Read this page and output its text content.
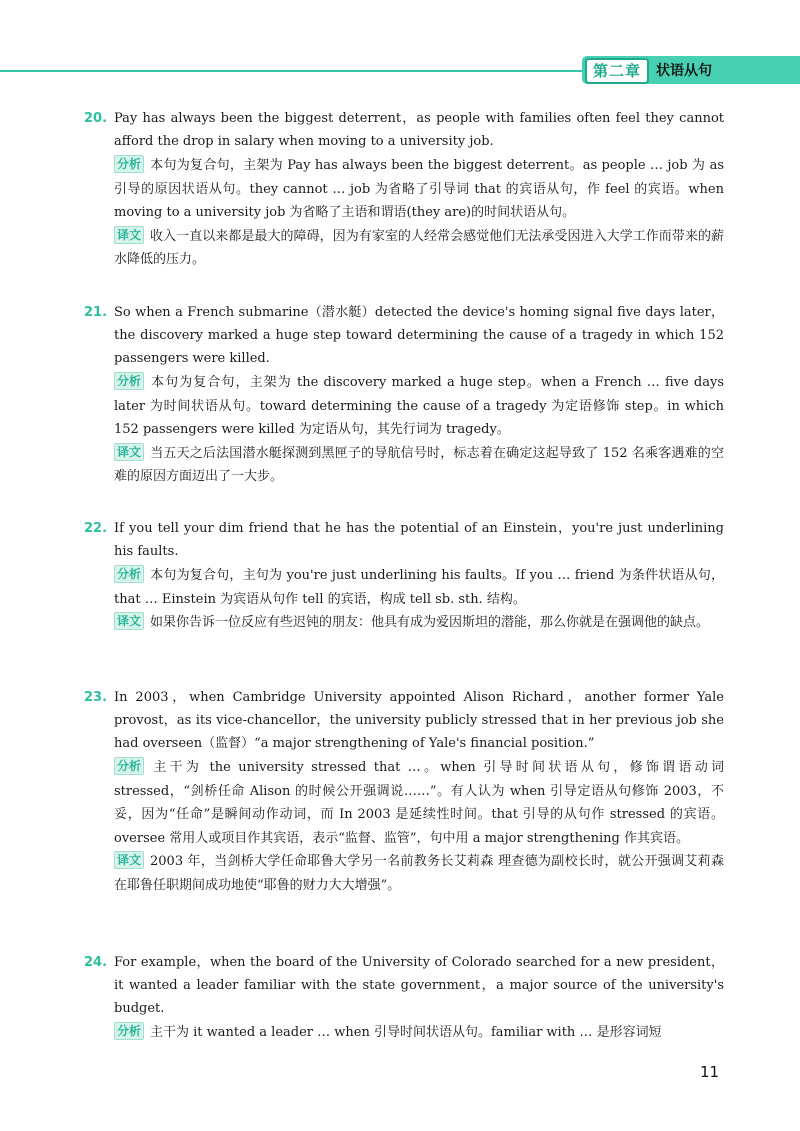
第二章	状语从句
20. Pay has always been the biggest deterrent，as people with families often feel they cannot afford the drop in salary when moving to a university job.
分析 本句为复合句，主架为 Pay has always been the biggest deterrent。as people … job 为 as 引导的原因状语从句。they cannot … job 为省略了引导词 that 的宾语从句，作 feel 的宾语。when moving to a university job 为省略了主语和谓语(they are)的时间状语从句。
译文 收入一直以来都是最大的障碍，因为有家室的人经常会感觉他们无法承受因进入大学工作而带来的薪水降低的压力。
21. So when a French submarine（潜水艇）detected the device's homing signal five days later，the discovery marked a huge step toward determining the cause of a tragedy in which 152 passengers were killed.
分析 本句为复合句，主架为 the discovery marked a huge step。when a French … five days later 为时间状语从句。toward determining the cause of a tragedy 为定语修饰 step。in which 152 passengers were killed 为定语从句，其先行词为 tragedy。
译文 当五天之后法国潜水艇探测到黑匣子的导航信号时，标志着在确定这起导致了 152 名乘客遇难的空难的原因方面迈出了一大步。
22. If you tell your dim friend that he has the potential of an Einstein，you're just underlining his faults.
分析 本句为复合句，主句为 you're just underlining his faults。If you … friend 为条件状语从句，that … Einstein 为宾语从句作 tell 的宾语，构成 tell sb. sth. 结构。
译文 如果你告诉一位反应有些迟钝的朋友：他具有成为爱因斯坦的潜能，那么你就是在强调他的缺点。
23. In 2003，when Cambridge University appointed Alison Richard，another former Yale provost，as its vice-chancellor，the university publicly stressed that in her previous job she had overseen（监督）“a major strengthening of Yale's financial position.”
分析 主干为 the university stressed that …。when 引导时间状语从句，修饰谓语动词 stressed，“剑桥任命 Alison 的时候公开强调说……”。有人认为 when 引导定语从句修饰 2003，不妥，因为“任命”是瞬间动作动词，而 In 2003 是延续性时间。that 引导的从句作 stressed 的宾语。oversee 常用人或项目作其宾语，表示“监督、监管”，句中用 a major strengthening 作其宾语。
译文 2003 年，当剑桥大学任命耶鲁大学另一名前教务长艾莉森 理查德为副校长时，就公开强调艾莉森在耶鲁任职期间成功地使“耶鲁的财力大大增强”。
24. For example，when the board of the University of Colorado searched for a new president，it wanted a leader familiar with the state government，a major source of the university's budget.
分析 主干为 it wanted a leader … when 引导时间状语从句。familiar with … 是形容词短
11
